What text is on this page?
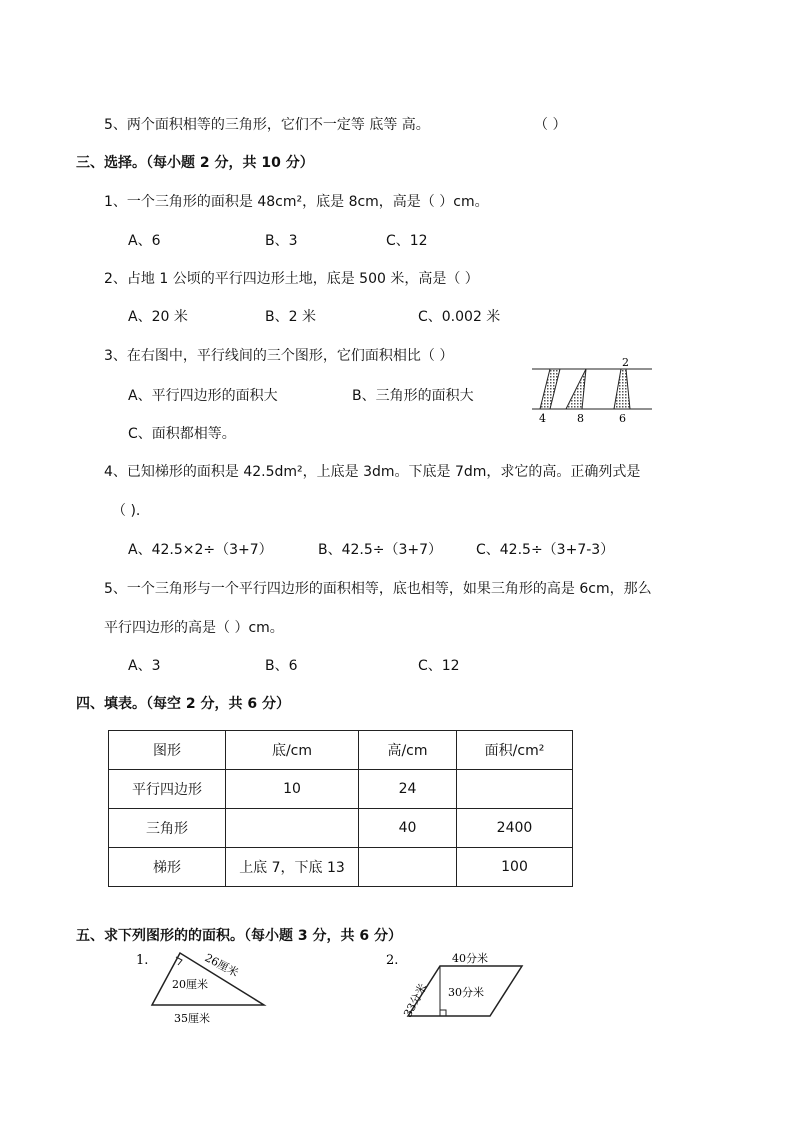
5、两个面积相等的三角形，它们不一定等 底等 高。	（ ）
三、选择。（每小题 2 分，共 10 分）
1、一个三角形的面积是 48cm²，底是 8cm，高是（ ）cm。
A、6	B、3	C、12
2、占地 1 公顷的平行四边形土地，底是 500 米，高是（ ）
A、20 米	B、2 米	C、0.002 米
3、在右图中，平行线间的三个图形，它们面积相比（ ）
A、平行四边形的面积大	B、三角形的面积大
C、面积都相等。
2
4	8	6
4、已知梯形的面积是 42.5dm²，上底是 3dm。下底是 7dm，求它的高。正确列式是
（ ).
A、42.5×2÷（3+7）	B、42.5÷（3+7） C、42.5÷（3+7-3）
5、一个三角形与一个平行四边形的面积相等，底也相等，如果三角形的高是 6cm，那么
平行四边形的高是（ ）cm。
A、3	B、6	C、12
四、填表。（每空 2 分，共 6 分）
图形	底/cm	高/cm	面积/cm²
平行四边形	10	24	
三角形		40	2400
梯形	上底 7，下底 13		100
五、求下列图形的的面积。（每小题 3 分，共 6 分）
1.	26厘米
20厘米
35厘米
2.	40分米
30分米
33分米
